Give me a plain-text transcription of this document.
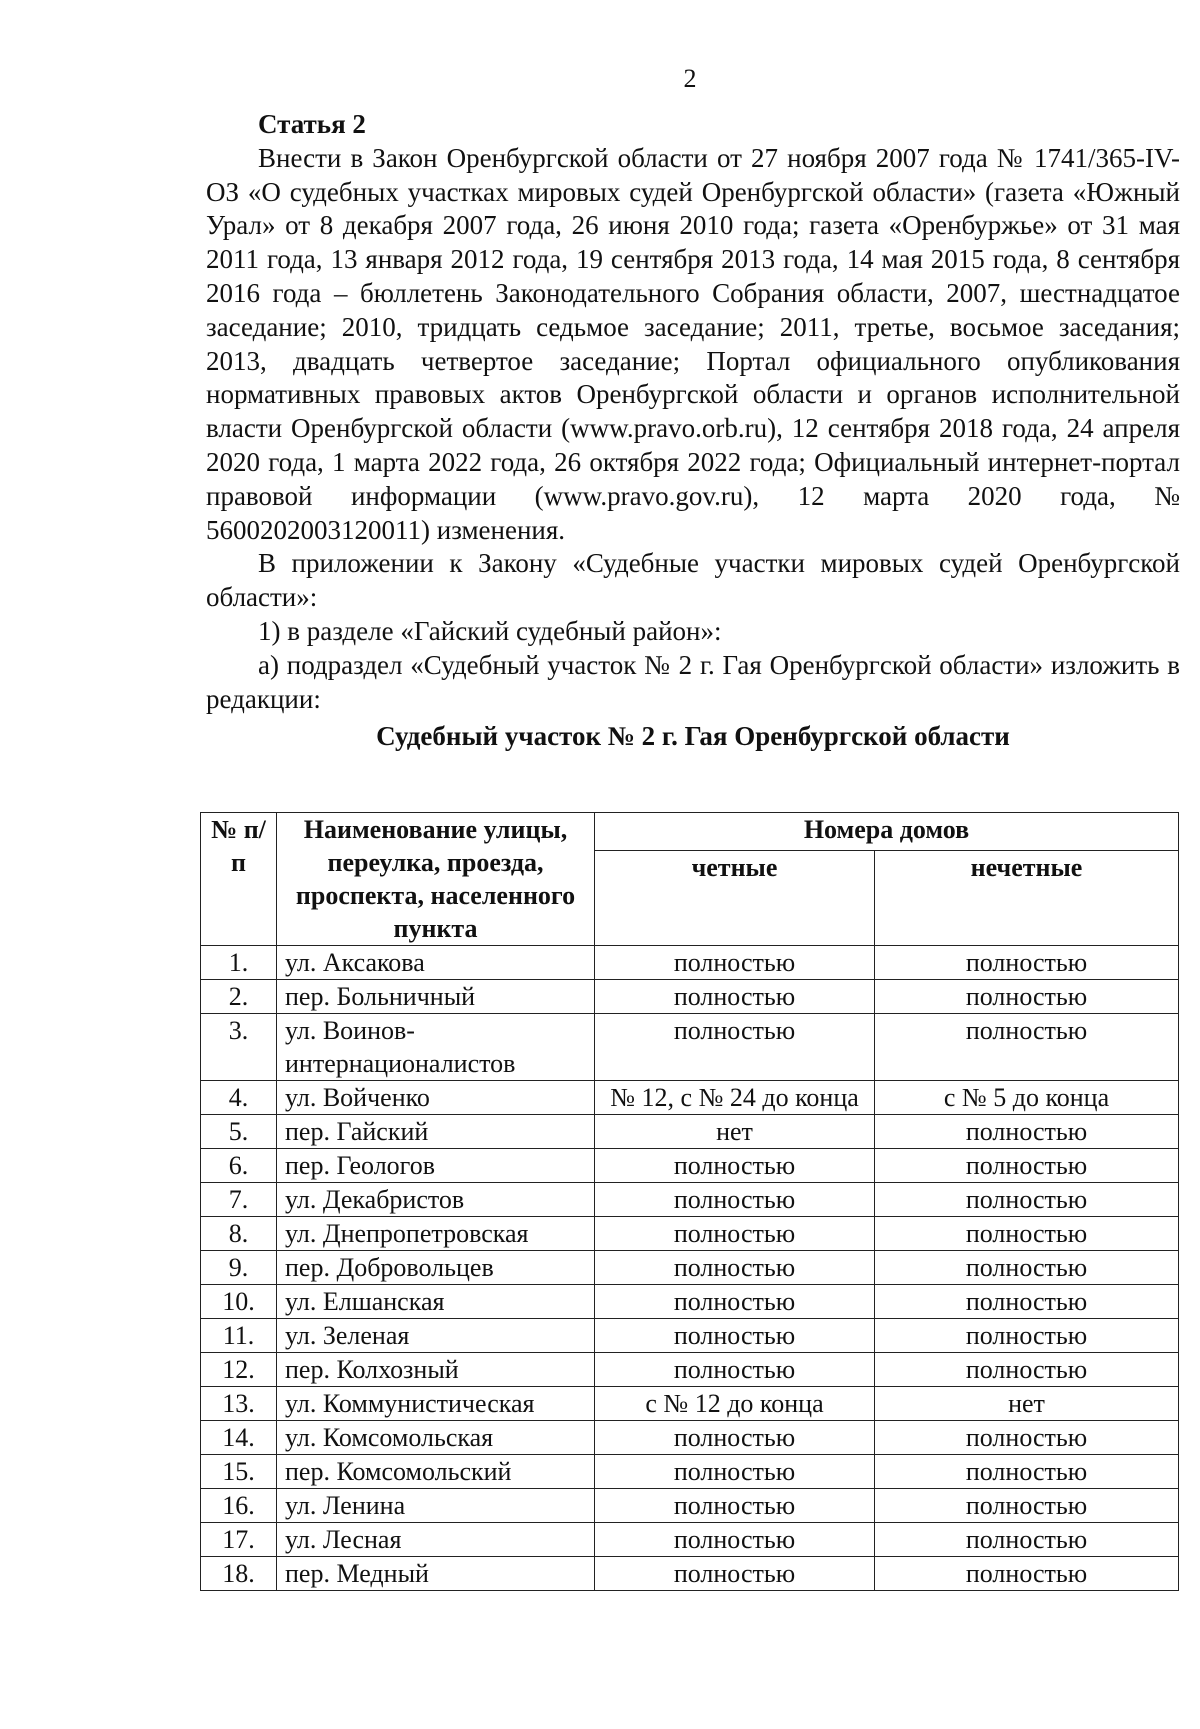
2
Статья 2

Внести в Закон Оренбургской области от 27 ноября 2007 года № 1741/365-IV-ОЗ «О судебных участках мировых судей Оренбургской области» (газета «Южный Урал» от 8 декабря 2007 года, 26 июня 2010 года; газета «Оренбуржье» от 31 мая 2011 года, 13 января 2012 года, 19 сентября 2013 года, 14 мая 2015 года, 8 сентября 2016 года – бюллетень Законодательного Собрания области, 2007, шестнадцатое заседание; 2010, тридцать седьмое заседание; 2011, третье, восьмое заседания; 2013, двадцать четвертое заседание; Портал официального опубликования нормативных правовых актов Оренбургской области и органов исполнительной власти Оренбургской области (www.pravo.orb.ru), 12 сентября 2018 года, 24 апреля 2020 года, 1 марта 2022 года, 26 октября 2022 года; Официальный интернет-портал правовой информации (www.pravo.gov.ru), 12 марта 2020 года, № 5600202003120011) изменения.

В приложении к Закону «Судебные участки мировых судей Оренбургской области»:

1) в разделе «Гайский судебный район»:

а) подраздел «Судебный участок № 2 г. Гая Оренбургской области» изложить в редакции:

Судебный участок № 2 г. Гая Оренбургской области
№ п/п	Наименование улицы, переулка, проезда, проспекта, населенного пункта	Номера домов	
		четные	нечетные
1.	ул. Аксакова	полностью	полностью
2.	пер. Больничный	полностью	полностью
3.	ул. Воинов-интернационалистов	полностью	полностью
4.	ул. Войченко	№ 12, с № 24 до конца	с № 5 до конца
5.	пер. Гайский	нет	полностью
6.	пер. Геологов	полностью	полностью
7.	ул. Декабристов	полностью	полностью
8.	ул. Днепропетровская	полностью	полностью
9.	пер. Добровольцев	полностью	полностью
10.	ул. Елшанская	полностью	полностью
11.	ул. Зеленая	полностью	полностью
12.	пер. Колхозный	полностью	полностью
13.	ул. Коммунистическая	с № 12 до конца	нет
14.	ул. Комсомольская	полностью	полностью
15.	пер. Комсомольский	полностью	полностью
16.	ул. Ленина	полностью	полностью
17.	ул. Лесная	полностью	полностью
18.	пер. Медный	полностью	полностью
